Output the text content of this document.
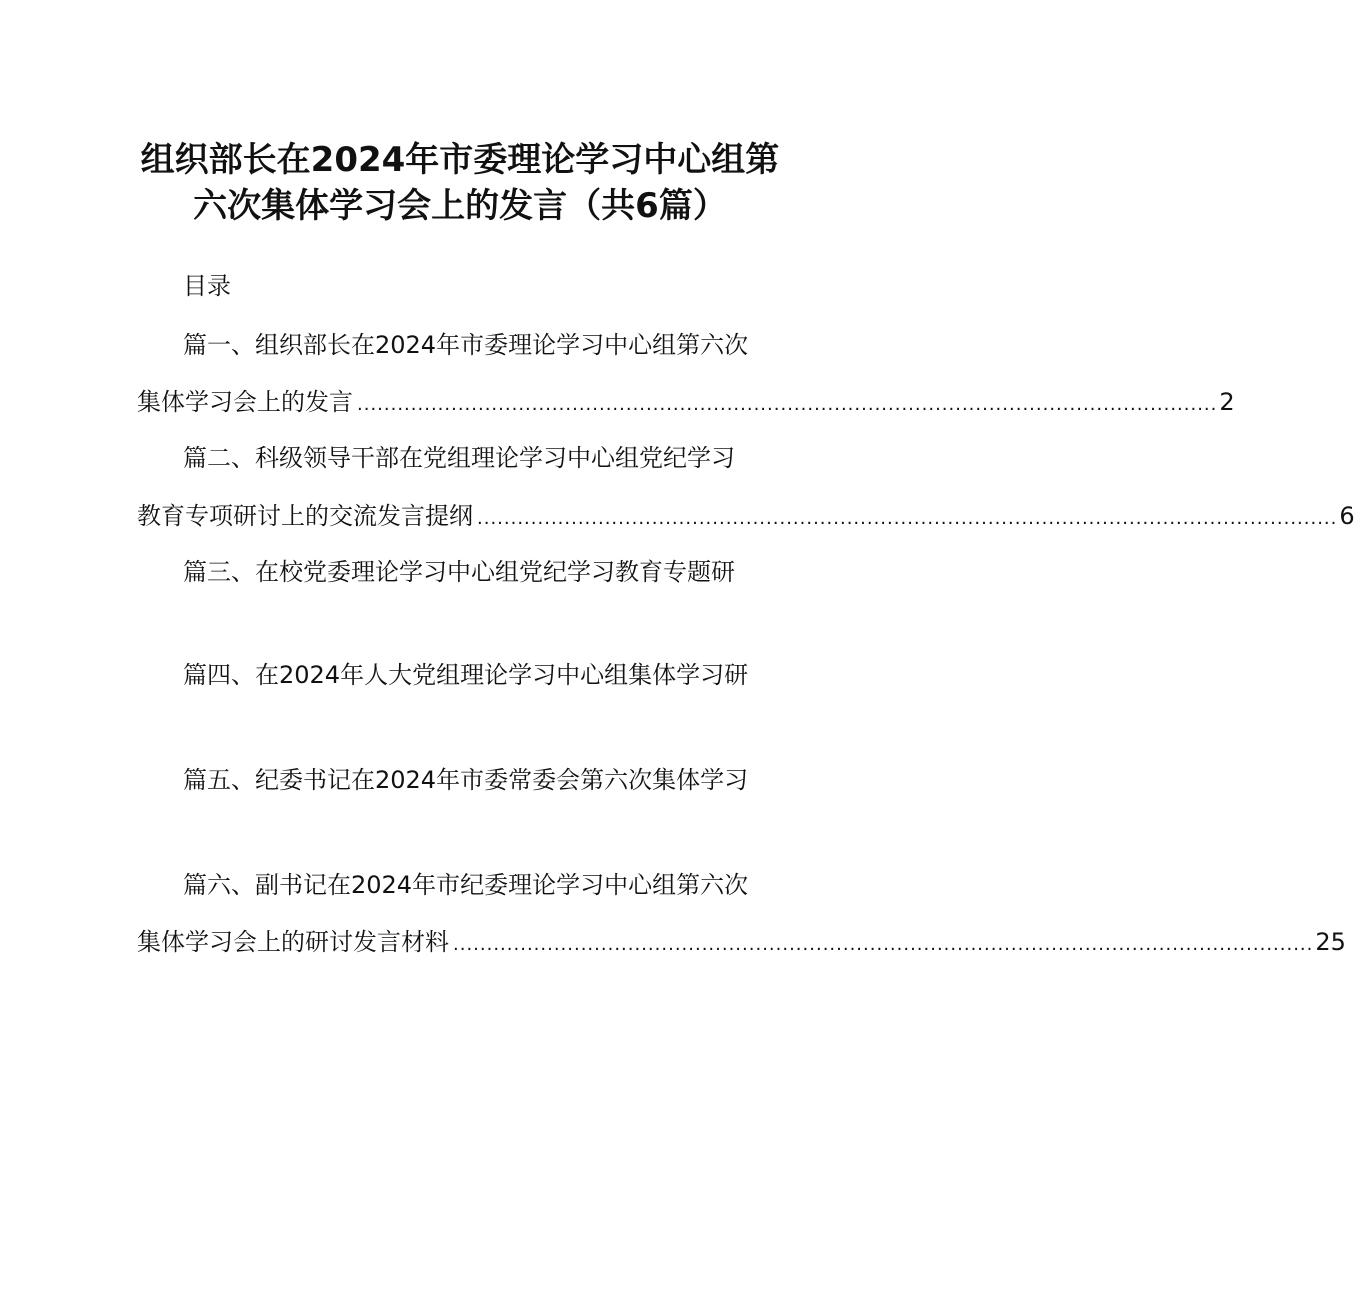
组织部长在2024年市委理论学习中心组第
六次集体学习会上的发言（共6篇）
目录
篇一、组织部长在2024年市委理论学习中心组第六次
集体学习会上的发言 ................................................................................................................................ 2
篇二、科级领导干部在党组理论学习中心组党纪学习
教育专项研讨上的交流发言提纲 ................................................................................................................................ 6
篇三、在校党委理论学习中心组党纪学习教育专题研
篇四、在2024年人大党组理论学习中心组集体学习研
篇五、纪委书记在2024年市委常委会第六次集体学习
篇六、副书记在2024年市纪委理论学习中心组第六次
集体学习会上的研讨发言材料 ................................................................................................................................ 25
